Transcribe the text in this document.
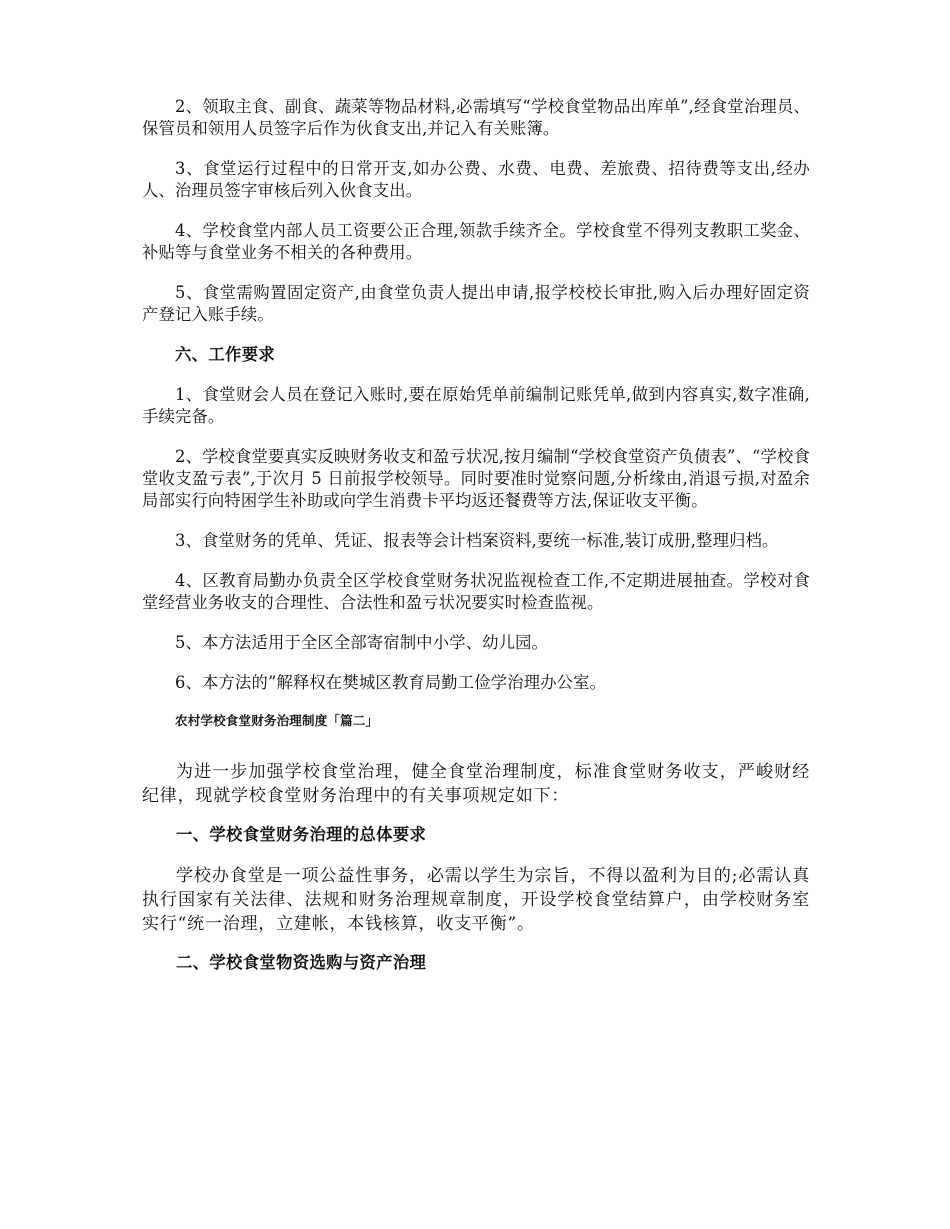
2、领取主食、副食、蔬菜等物品材料,必需填写“学校食堂物品出库单”,经食堂治理员、保管员和领用人员签字后作为伙食支出,并记入有关账簿。

3、食堂运行过程中的日常开支,如办公费、水费、电费、差旅费、招待费等支出,经办人、治理员签字审核后列入伙食支出。

4、学校食堂内部人员工资要公正合理,领款手续齐全。学校食堂不得列支教职工奖金、补贴等与食堂业务不相关的各种费用。

5、食堂需购置固定资产,由食堂负责人提出申请,报学校校长审批,购入后办理好固定资产登记入账手续。

六、工作要求

1、食堂财会人员在登记入账时,要在原始凭单前编制记账凭单,做到内容真实,数字准确,手续完备。

2、学校食堂要真实反映财务收支和盈亏状况,按月编制“学校食堂资产负债表”、“学校食堂收支盈亏表”,于次月 5 日前报学校领导。同时要准时觉察问题,分析缘由,消退亏损,对盈余局部实行向特困学生补助或向学生消费卡平均返还餐费等方法,保证收支平衡。

3、食堂财务的凭单、凭证、报表等会计档案资料,要统一标准,装订成册,整理归档。

4、区教育局勤办负责全区学校食堂财务状况监视检查工作,不定期进展抽查。学校对食堂经营业务收支的合理性、合法性和盈亏状况要实时检查监视。

5、本方法适用于全区全部寄宿制中小学、幼儿园。

6、本方法的”解释权在樊城区教育局勤工俭学治理办公室。

农村学校食堂财务治理制度「篇二」

为进一步加强学校食堂治理，健全食堂治理制度，标准食堂财务收支，严峻财经纪律，现就学校食堂财务治理中的有关事项规定如下：

一、学校食堂财务治理的总体要求

学校办食堂是一项公益性事务，必需以学生为宗旨，不得以盈利为目的;必需认真执行国家有关法律、法规和财务治理规章制度，开设学校食堂结算户，由学校财务室实行“统一治理，立建帐，本钱核算，收支平衡”。

二、学校食堂物资选购与资产治理
